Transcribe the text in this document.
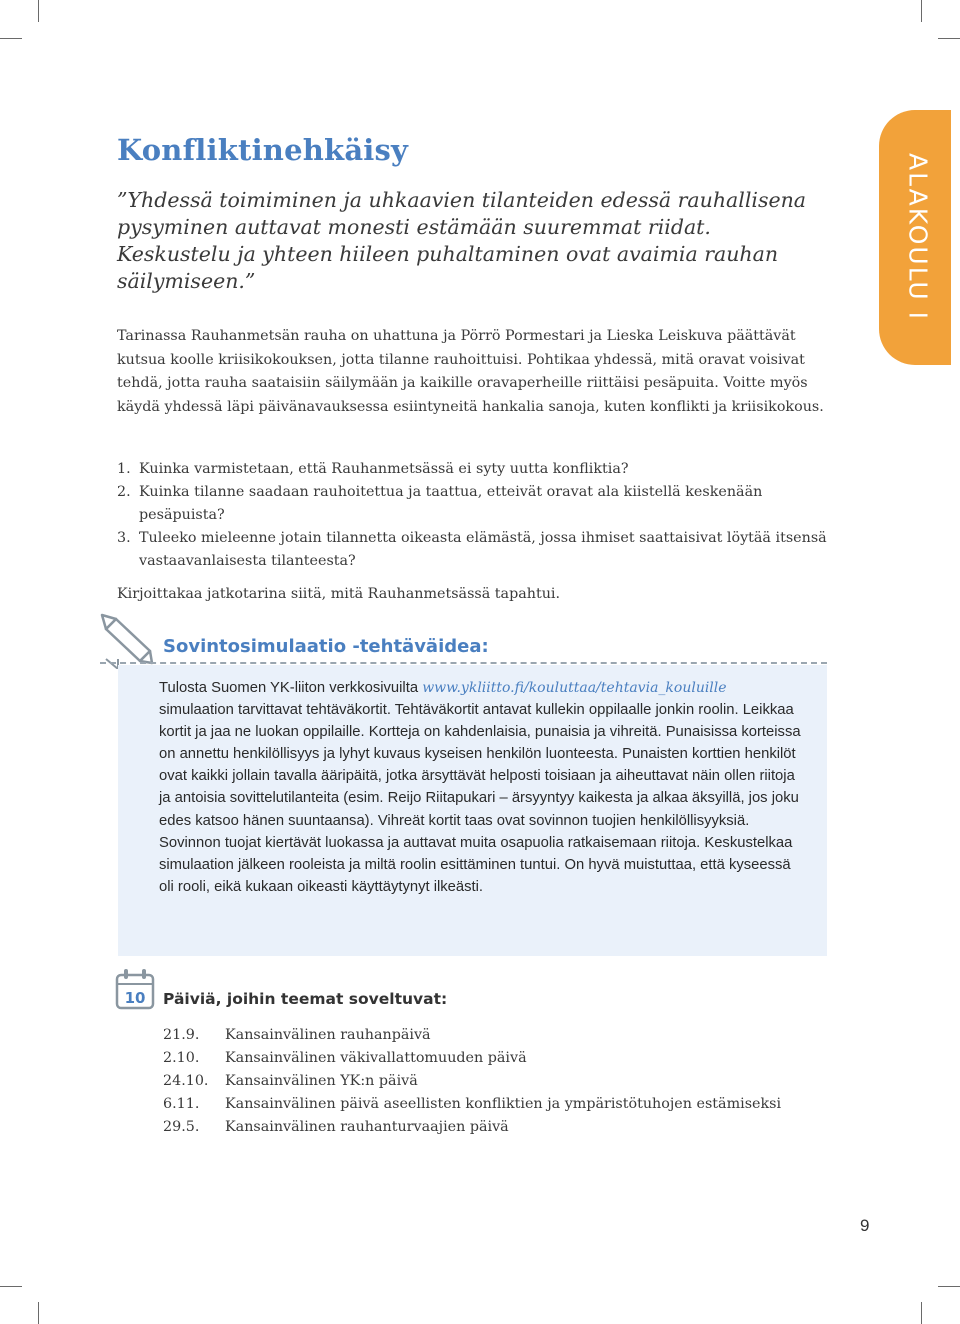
Konfliktinehkäisy
”Yhdessä toimiminen ja uhkaavien tilanteiden edessä rauhallisena pysyminen auttavat monesti estämään suuremmat riidat. Keskustelu ja yhteen hiileen puhaltaminen ovat avaimia rauhan säilymiseen.”
Tarinassa Rauhanmetsän rauha on uhattuna ja Pörrö Pormestari ja Lieska Leiskuva päättävät kutsua koolle kriisikokouksen, jotta tilanne rauhoittuisi. Pohtikaa yhdessä, mitä oravat voisivat tehdä, jotta rauha saataisiin säilymään ja kaikille oravaperheille riittäisi pesäpuita. Voitte myös käydä yhdessä läpi päivänavauksessa esiintyneitä hankalia sanoja, kuten konflikti ja kriisikokous.
1. Kuinka varmistetaan, että Rauhanmetsässä ei syty uutta konfliktia?
2. Kuinka tilanne saadaan rauhoitettua ja taattua, etteivät oravat ala kiistellä keskenään pesäpuista?
3. Tuleeko mieleenne jotain tilannetta oikeasta elämästä, jossa ihmiset saattaisivat löytää itsensä vastaavanlaisesta tilanteesta?
Kirjoittakaa jatkotarina siitä, mitä Rauhanmetsässä tapahtui.
ALAKOULU I
Sovintosimulaatio -tehtäväidea:
Tulosta Suomen YK-liiton verkkosivuilta www.ykliitto.fi/kouluttaa/tehtavia_kouluille simulaation tarvittavat tehtäväkortit. Tehtäväkortit antavat kullekin oppilaalle jonkin roolin. Leikkaa kortit ja jaa ne luokan oppilaille. Kortteja on kahdenlaisia, punaisia ja vihreitä. Punaisissa korteissa on annettu henkilöllisyys ja lyhyt kuvaus kyseisen henkilön luonteesta. Punaisten korttien henkilöt ovat kaikki jollain tavalla ääripäitä, jotka ärsyttävät helposti toisiaan ja aiheuttavat näin ollen riitoja ja antoisia sovittelutilanteita (esim. Reijo Riitapukari – ärsyyntyy kaikesta ja alkaa äksyillä, jos joku edes katsoo hänen suuntaansa). Vihreät kortit taas ovat sovinnon tuojien henkilöllisyyksiä. Sovinnon tuojat kiertävät luokassa ja auttavat muita osapuolia ratkaisemaan riitoja. Keskustelkaa simulaation jälkeen rooleista ja miltä roolin esittäminen tuntui. On hyvä muistuttaa, että kyseessä oli rooli, eikä kukaan oikeasti käyttäytynyt ilkeästi.
10 Päiviä, joihin teemat soveltuvat:
21.9. Kansainvälinen rauhanpäivä
2.10. Kansainvälinen väkivallattomuuden päivä
24.10. Kansainvälinen YK:n päivä
6.11. Kansainvälinen päivä aseellisten konfliktien ja ympäristötuhojen estämiseksi
29.5. Kansainvälinen rauhanturvaajien päivä
9
